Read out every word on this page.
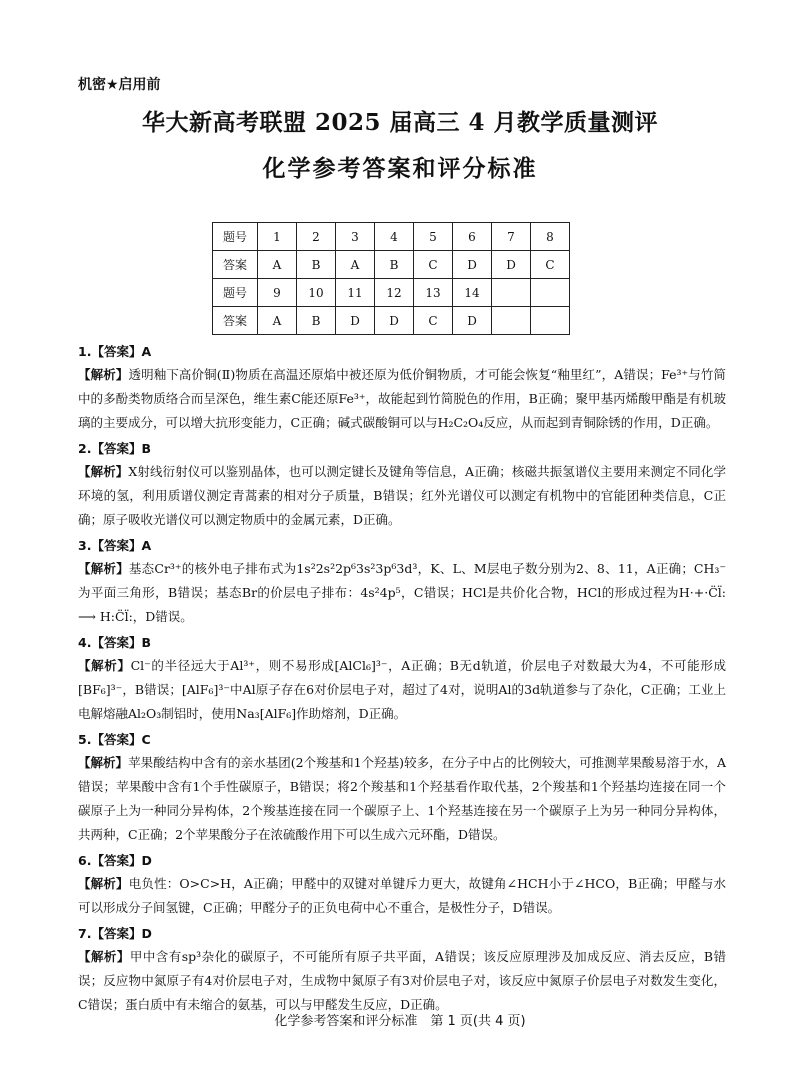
机密★启用前
华大新高考联盟 2025 届高三 4 月教学质量测评
化学参考答案和评分标准
题号	1	2	3	4	5	6	7	8
答案	A	B	A	B	C	D	D	C
题号	9	10	11	12	13	14		
答案	A	B	D	D	C	D		
1.【答案】A
【解析】透明釉下高价铜(Ⅱ)物质在高温还原焰中被还原为低价铜物质，才可能会恢复“釉里红”，A错误；Fe³⁺与竹简中的多酚类物质络合而呈深色，维生素C能还原Fe³⁺，故能起到竹简脱色的作用，B正确；聚甲基丙烯酸甲酯是有机玻璃的主要成分，可以增大抗形变能力，C正确；碱式碳酸铜可以与H₂C₂O₄反应，从而起到青铜除锈的作用，D正确。
2.【答案】B
【解析】X射线衍射仪可以鉴别晶体，也可以测定键长及键角等信息，A正确；核磁共振氢谱仪主要用来测定不同化学环境的氢，利用质谱仪测定青蒿素的相对分子质量，B错误；红外光谱仪可以测定有机物中的官能团种类信息，C正确；原子吸收光谱仪可以测定物质中的金属元素，D正确。
3.【答案】A
【解析】基态Cr³⁺的核外电子排布式为1s²2s²2p⁶3s²3p⁶3d³，K、L、M层电子数分别为2、8、11，A正确；CH₃⁻为平面三角形，B错误；基态Br的价层电子排布：4s²4p⁵，C错误；HCl是共价化合物，HCl的形成过程为H·+·C̈l̈: ⟶ H:C̈l̈:，D错误。
4.【答案】B
【解析】Cl⁻的半径远大于Al³⁺，则不易形成[AlCl₆]³⁻，A正确；B无d轨道，价层电子对数最大为4，不可能形成[BF₆]³⁻，B错误；[AlF₆]³⁻中Al原子存在6对价层电子对，超过了4对，说明Al的3d轨道参与了杂化，C正确；工业上电解熔融Al₂O₃制铝时，使用Na₃[AlF₆]作助熔剂，D正确。
5.【答案】C
【解析】苹果酸结构中含有的亲水基团(2个羧基和1个羟基)较多，在分子中占的比例较大，可推测苹果酸易溶于水，A错误；苹果酸中含有1个手性碳原子，B错误；将2个羧基和1个羟基看作取代基，2个羧基和1个羟基均连接在同一个碳原子上为一种同分异构体，2个羧基连接在同一个碳原子上、1个羟基连接在另一个碳原子上为另一种同分异构体，共两种，C正确；2个苹果酸分子在浓硫酸作用下可以生成六元环酯，D错误。
6.【答案】D
【解析】电负性：O>C>H，A正确；甲醛中的双键对单键斥力更大，故键角∠HCH小于∠HCO，B正确；甲醛与水可以形成分子间氢键，C正确；甲醛分子的正负电荷中心不重合，是极性分子，D错误。
7.【答案】D
【解析】甲中含有sp³杂化的碳原子，不可能所有原子共平面，A错误；该反应原理涉及加成反应、消去反应，B错误；反应物中氮原子有4对价层电子对，生成物中氮原子有3对价层电子对，该反应中氮原子价层电子对数发生变化，C错误；蛋白质中有未缩合的氨基，可以与甲醛发生反应，D正确。
化学参考答案和评分标准　第 1 页(共 4 页)
